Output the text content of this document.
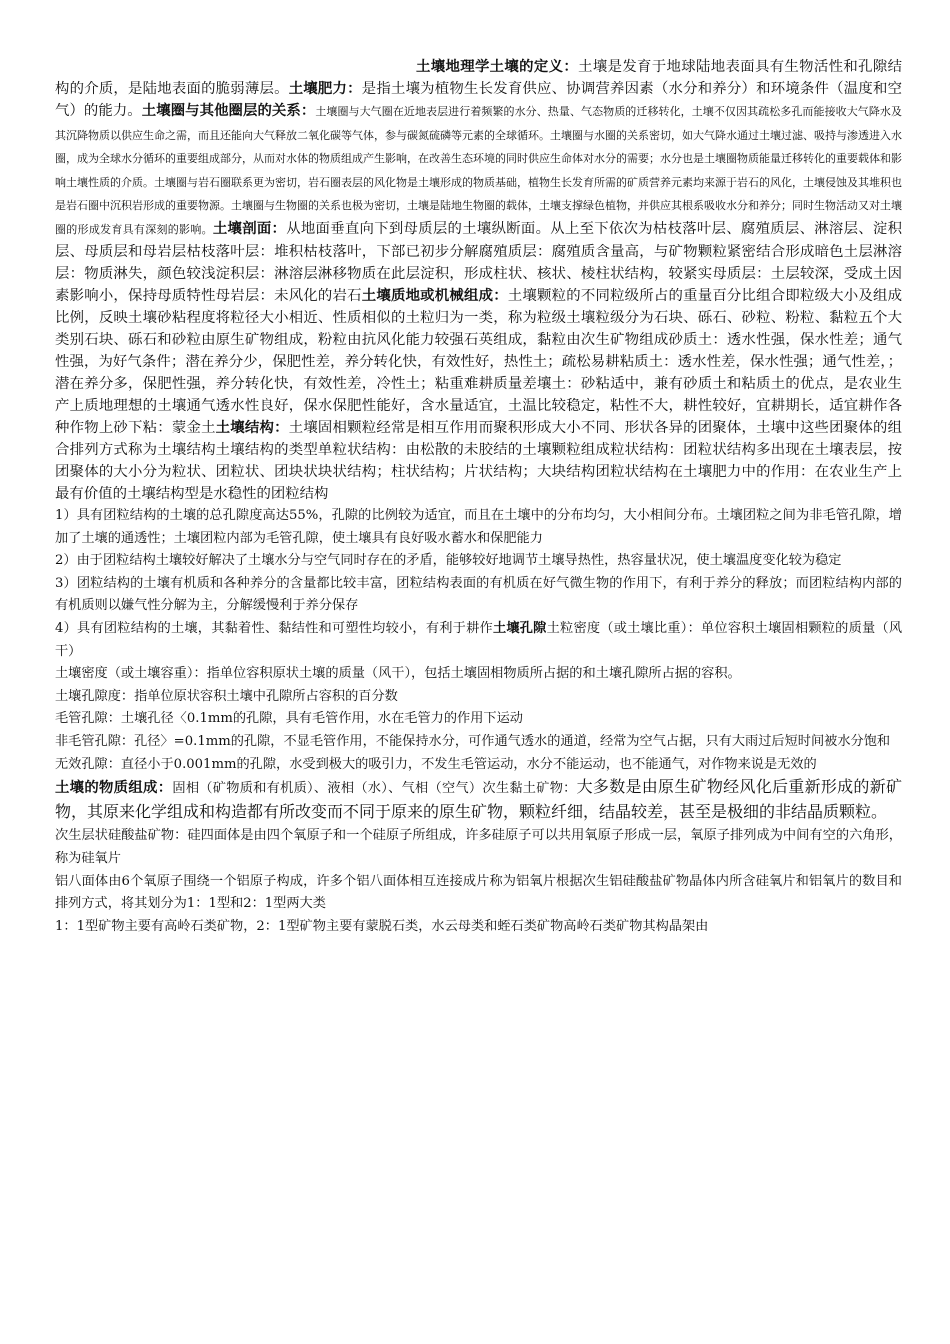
土壤地理学土壤的定义：土壤是发育于地球陆地表面具有生物活性和孔隙结构的介质，是陆地表面的脆弱薄层。土壤肥力：是指土壤为植物生长发育供应、协调营养因素（水分和养分）和环境条件（温度和空气）的能力。土壤圈与其他圈层的关系：土壤圈与大气圈在近地表层进行着频繁的水分、热量、气态物质的迁移转化，土壤不仅因其疏松多孔而能接收大气降水及其沉降物质以供应生命之需，而且还能向大气释放二氧化碳等气体，参与碳氮硫磷等元素的全球循环。土壤圈与水圈的关系密切，如大气降水通过土壤过滤、吸持与渗透进入水圈，成为全球水分循环的重要组成部分，从而对水体的物质组成产生影响，在改善生态环境的同时供应生命体对水分的需要；水分也是土壤圈物质能量迁移转化的重要载体和影响土壤性质的介质。土壤圈与岩石圈联系更为密切，岩石圈表层的风化物是土壤形成的物质基础，植物生长发育所需的矿质营养元素均来源于岩石的风化，土壤侵蚀及其堆积也是岩石圈中沉积岩形成的重要物源。土壤圈与生物圈的关系也极为密切，土壤是陆地生物圈的载体，土壤支撑绿色植物，并供应其根系吸收水分和养分；同时生物活动又对土壤圈的形成发育具有深刻的影响。土壤剖面：从地面垂直向下到母质层的土壤纵断面。从上至下依次为枯枝落叶层、腐殖质层、淋溶层、淀积层、母质层和母岩层枯枝落叶层：堆积枯枝落叶，下部已初步分解腐殖质层：腐殖质含量高，与矿物颗粒紧密结合形成暗色土层淋溶层：物质淋失，颜色较浅淀积层：淋溶层淋移物质在此层淀积，形成柱状、核状、棱柱状结构，较紧实母质层：土层较深，受成土因素影响小，保持母质特性母岩层：未风化的岩石土壤质地或机械组成：土壤颗粒的不同粒级所占的重量百分比组合即粒级大小及组成比例，反映土壤砂粘程度将粒径大小相近、性质相似的土粒归为一类，称为粒级土壤粒级分为石块、砾石、砂粒、粉粒、黏粒五个大类别石块、砾石和砂粒由原生矿物组成，粉粒由抗风化能力较强石英组成，黏粒由次生矿物组成砂质土：透水性强，保水性差；通气性强，为好气条件；潜在养分少，保肥性差，养分转化快，有效性好，热性土；疏松易耕粘质土：透水性差，保水性强；通气性差，；潜在养分多，保肥性强，养分转化快，有效性差，冷性土；粘重难耕质量差壤土：砂粘适中，兼有砂质土和粘质土的优点，是农业生产上质地理想的土壤通气透水性良好，保水保肥性能好，含水量适宜，土温比较稳定，粘性不大，耕性较好，宜耕期长，适宜耕作各种作物上砂下粘：蒙金土土壤结构：土壤固相颗粒经常是相互作用而聚积形成大小不同、形状各异的团聚体，土壤中这些团聚体的组合排列方式称为土壤结构土壤结构的类型单粒状结构：由松散的未胶结的土壤颗粒组成粒状结构：团粒状结构多出现在土壤表层，按团聚体的大小分为粒状、团粒状、团块状块状结构；柱状结构；片状结构；大块结构团粒状结构在土壤肥力中的作用：在农业生产上最有价值的土壤结构型是水稳性的团粒结构

1）具有团粒结构的土壤的总孔隙度高达55%，孔隙的比例较为适宜，而且在土壤中的分布均匀，大小相间分布。土壤团粒之间为非毛管孔隙，增加了土壤的通透性；土壤团粒内部为毛管孔隙，使土壤具有良好吸水蓄水和保肥能力

2）由于团粒结构土壤较好解决了土壤水分与空气同时存在的矛盾，能够较好地调节土壤导热性，热容量状况，使土壤温度变化较为稳定

3）团粒结构的土壤有机质和各种养分的含量都比较丰富，团粒结构表面的有机质在好气微生物的作用下，有利于养分的释放；而团粒结构内部的有机质则以嫌气性分解为主，分解缓慢利于养分保存

4）具有团粒结构的土壤，其黏着性、黏结性和可塑性均较小，有利于耕作土壤孔隙土粒密度（或土壤比重）：单位容积土壤固相颗粒的质量（风干）

土壤密度（或土壤容重）：指单位容积原状土壤的质量（风干），包括土壤固相物质所占据的和土壤孔隙所占据的容积。

土壤孔隙度：指单位原状容积土壤中孔隙所占容积的百分数

毛管孔隙：土壤孔径〈0.1mm的孔隙，具有毛管作用，水在毛管力的作用下运动

非毛管孔隙：孔径〉=0.1mm的孔隙，不显毛管作用，不能保持水分，可作通气透水的通道，经常为空气占据，只有大雨过后短时间被水分饱和

无效孔隙：直径小于0.001mm的孔隙，水受到极大的吸引力，不发生毛管运动，水分不能运动，也不能通气，对作物来说是无效的

土壤的物质组成：固相（矿物质和有机质）、液相（水）、气相（空气）次生黏土矿物：大多数是由原生矿物经风化后重新形成的新矿物，其原来化学组成和构造都有所改变而不同于原来的原生矿物，颗粒纤细，结晶较差，甚至是极细的非结晶质颗粒。

次生层状硅酸盐矿物：硅四面体是由四个氧原子和一个硅原子所组成，许多硅原子可以共用氧原子形成一层，氧原子排列成为中间有空的六角形，称为硅氧片

铝八面体由6个氧原子围绕一个铝原子构成，许多个铝八面体相互连接成片称为铝氧片根据次生铝硅酸盐矿物晶体内所含硅氧片和铝氧片的数目和排列方式，将其划分为1：1型和2：1型两大类

1：1型矿物主要有高岭石类矿物，2：1型矿物主要有蒙脱石类，水云母类和蛭石类矿物高岭石类矿物其构晶架由
